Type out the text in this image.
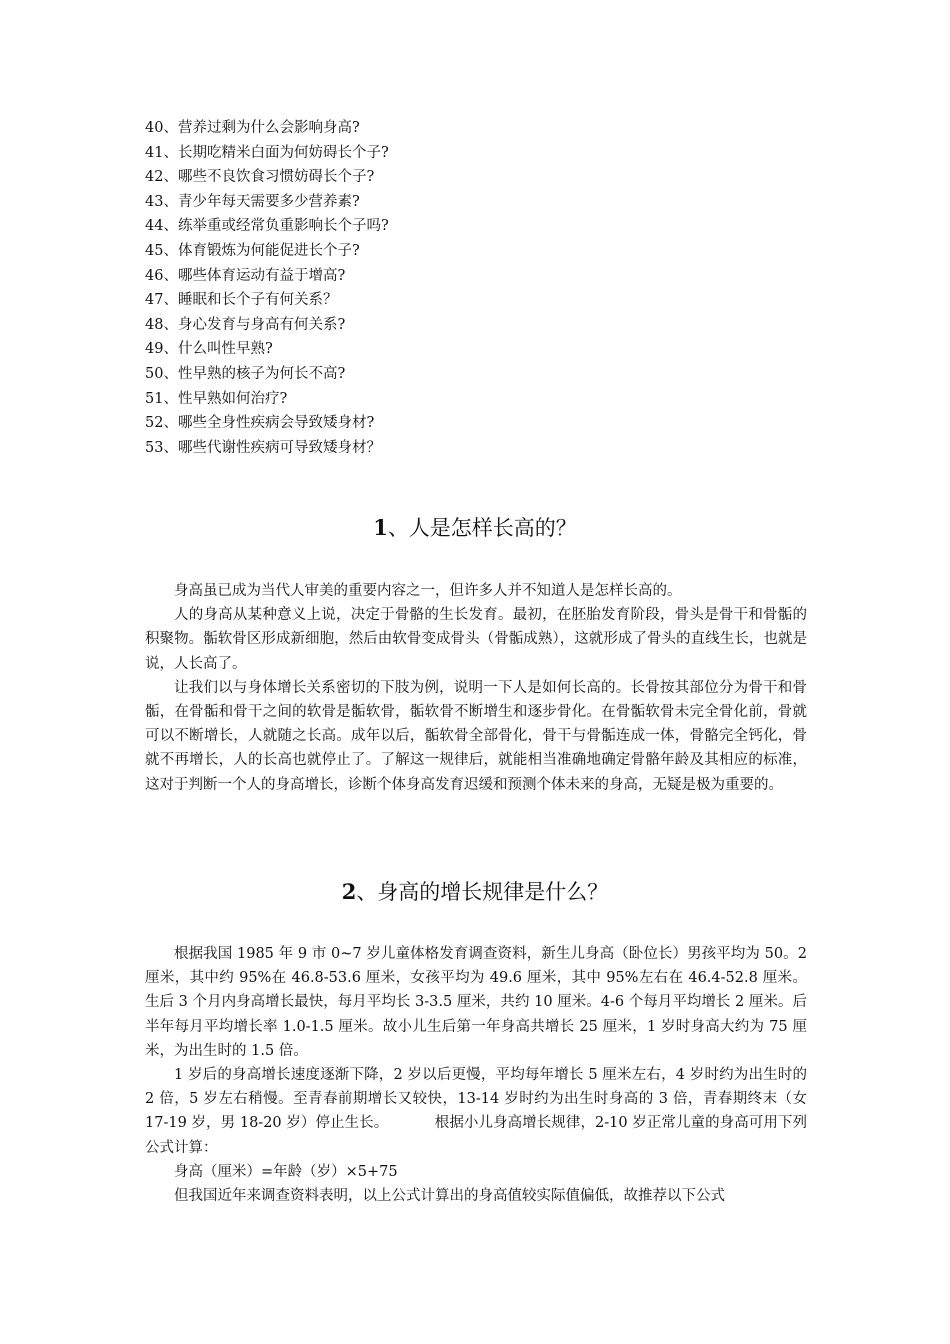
40、营养过剩为什么会影响身高?
41、长期吃精米白面为何妨碍长个子?
42、哪些不良饮食习惯妨碍长个子?
43、青少年每天需要多少营养素?
44、练举重或经常负重影响长个子吗?
45、体育锻炼为何能促进长个子?
46、哪些体育运动有益于增高?
47、睡眠和长个子有何关系？
48、身心发育与身高有何关系?
49、什么叫性早熟?
50、性早熟的核子为何长不高?
51、性早熟如何治疗?
52、哪些全身性疾病会导致矮身材?
53、哪些代谢性疾病可导致矮身材？
1、人是怎样长高的？

身高虽已成为当代人审美的重要内容之一，但许多人并不知道人是怎样长高的。

人的身高从某种意义上说，决定于骨骼的生长发育。最初，在胚胎发育阶段，骨头是骨干和骨骺的积聚物。骺软骨区形成新细胞，然后由软骨变成骨头（骨骺成熟），这就形成了骨头的直线生长，也就是说，人长高了。

让我们以与身体增长关系密切的下肢为例，说明一下人是如何长高的。长骨按其部位分为骨干和骨骺，在骨骺和骨干之间的软骨是骺软骨，骺软骨不断增生和逐步骨化。在骨骺软骨未完全骨化前，骨就可以不断增长，人就随之长高。成年以后，骺软骨全部骨化，骨干与骨骺连成一体，骨骼完全钙化，骨就不再增长，人的长高也就停止了。了解这一规律后，就能相当准确地确定骨骼年龄及其相应的标准，这对于判断一个人的身高增长，诊断个体身高发育迟缓和预测个体未来的身高，无疑是极为重要的。

2、身高的增长规律是什么？

根据我国 1985 年 9 市 0~7 岁儿童体格发育调查资料，新生儿身高（卧位长）男孩平均为 50。2 厘米，其中约 95%在 46.8-53.6 厘米，女孩平均为 49.6 厘米，其中 95%左右在 46.4-52.8 厘米。生后 3 个月内身高增长最快，每月平均长 3-3.5 厘米，共约 10 厘米。4-6 个每月平均增长 2 厘米。后半年每月平均增长率 1.0-1.5 厘米。故小儿生后第一年身高共增长 25 厘米，1 岁时身高大约为 75 厘米，为出生时的 1.5 倍。

1 岁后的身高增长速度逐渐下降，2 岁以后更慢，平均每年增长 5 厘米左右，4 岁时约为出生时的 2 倍，5 岁左右稍慢。至青春前期增长又较快，13-14 岁时约为出生时身高的 3 倍，青春期终末（女 17-19 岁，男 18-20 岁）停止生长。	根据小儿身高增长规律，2-10 岁正常儿童的身高可用下列公式计算：

身高（厘米）=年龄（岁）×5+75

但我国近年来调查资料表明，以上公式计算出的身高值较实际值偏低，故推荐以下公式
